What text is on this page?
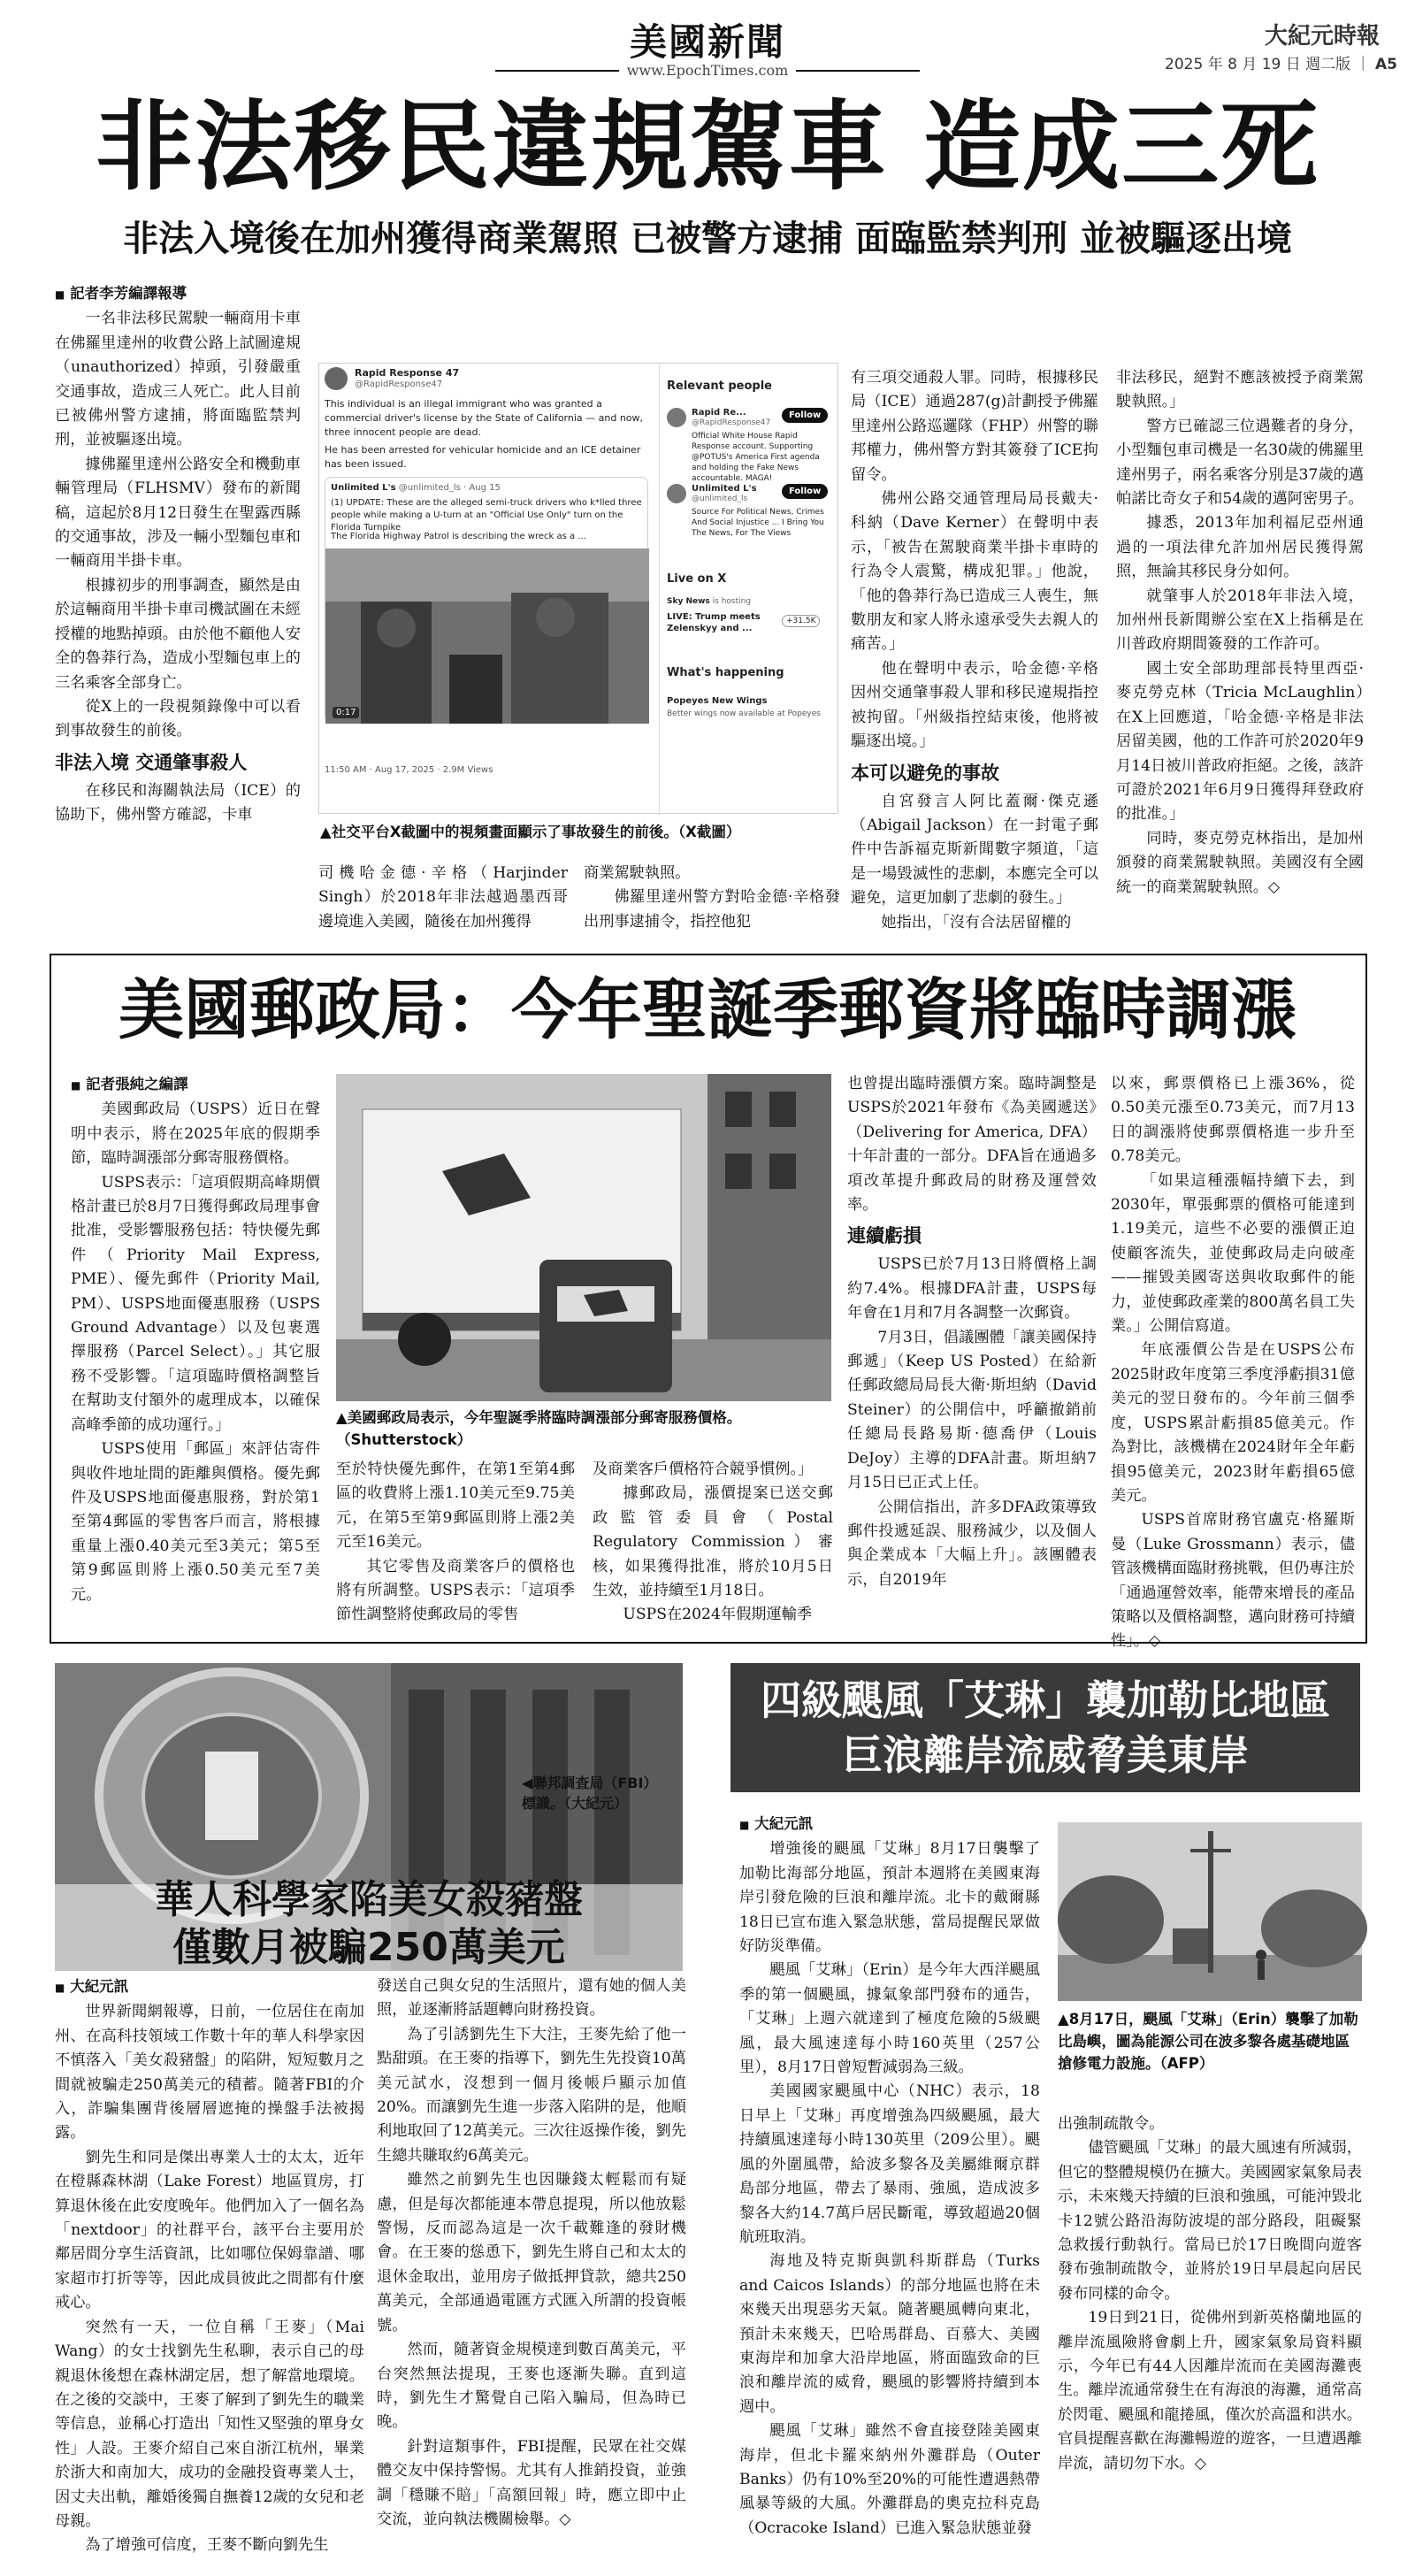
美國新聞
www.EpochTimes.com
大紀元時報
2025 年 8 月 19 日 週二版 ｜ A5
非法移民違規駕車 造成三死
非法入境後在加州獲得商業駕照 已被警方逮捕 面臨監禁判刑 並被驅逐出境
■ 記者李芳編譯報導

一名非法移民駕駛一輛商用卡車在佛羅里達州的收費公路上試圖違規（unauthorized）掉頭，引發嚴重交通事故，造成三人死亡。此人目前已被佛州警方逮捕，將面臨監禁判刑，並被驅逐出境。

據佛羅里達州公路安全和機動車輛管理局（FLHSMV）發布的新聞稿，這起於8月12日發生在聖露西縣的交通事故，涉及一輛小型麵包車和一輛商用半掛卡車。

根據初步的刑事調查，顯然是由於這輛商用半掛卡車司機試圖在未經授權的地點掉頭。由於他不顧他人安全的魯莽行為，造成小型麵包車上的三名乘客全部身亡。

從X上的一段視頻錄像中可以看到事故發生的前後。

非法入境 交通肇事殺人

在移民和海關執法局（ICE）的協助下，佛州警方確認，卡車

Rapid Response 47
@RapidResponse47
This individual is an illegal immigrant who was granted a commercial driver's license by the State of California — and now, three innocent people are dead.
He has been arrested for vehicular homicide and an ICE detainer has been issued.
Unlimited L's @unlimited_ls · Aug 15
(1) UPDATE: These are the alleged semi-truck drivers who k*lled three people while making a U-turn at an "Official Use Only" turn on the Florida Turnpike
The Florida Highway Patrol is describing the wreck as a ...
0:17
11:50 AM · Aug 17, 2025 · 2.9M Views
Relevant people
Rapid Re...
@RapidResponse47
Follow
Official White House Rapid Response account. Supporting @POTUS's America First agenda and holding the Fake News accountable. MAGA!
Unlimited L's
@unlimited_ls
Follow
Source For Political News, Crimes And Social Injustice ... I Bring You The News, For The Views
Live on X
Sky News is hosting
LIVE: Trump meets Zelenskyy and ...
+31.5K
What's happening
Popeyes New Wings
Better wings now available at Popeyes
▲社交平台X截圖中的視頻畫面顯示了事故發生的前後。（X截圖）

司機哈金德·辛格（Harjinder Singh）於2018年非法越過墨西哥邊境進入美國，隨後在加州獲得

商業駕駛執照。

佛羅里達州警方對哈金德·辛格發出刑事逮捕令，指控他犯

有三項交通殺人罪。同時，根據移民局（ICE）通過287(g)計劃授予佛羅里達州公路巡邏隊（FHP）州警的聯邦權力，佛州警方對其簽發了ICE拘留令。

佛州公路交通管理局局長戴夫·科納（Dave Kerner）在聲明中表示，「被告在駕駛商業半掛卡車時的行為令人震驚，構成犯罪。」他說，「他的魯莽行為已造成三人喪生，無數朋友和家人將永遠承受失去親人的痛苦。」

他在聲明中表示，哈金德·辛格因州交通肇事殺人罪和移民違規指控被拘留。「州級指控結束後，他將被驅逐出境。」

本可以避免的事故

自宮發言人阿比蓋爾·傑克遜（Abigail Jackson）在一封電子郵件中告訴福克斯新聞數字頻道，「這是一場毀滅性的悲劇，本應完全可以避免，這更加劇了悲劇的發生。」

她指出，「沒有合法居留權的

非法移民，絕對不應該被授予商業駕駛執照。」

警方已確認三位遇難者的身分，小型麵包車司機是一名30歲的佛羅里達州男子，兩名乘客分別是37歲的邁帕諾比奇女子和54歲的邁阿密男子。

據悉，2013年加利福尼亞州通過的一項法律允許加州居民獲得駕照，無論其移民身分如何。

就肇事人於2018年非法入境，加州州長新聞辦公室在X上指稱是在川普政府期間簽發的工作許可。

國土安全部助理部長特里西亞·麥克勞克林（Tricia McLaughlin）在X上回應道，「哈金德·辛格是非法居留美國，他的工作許可於2020年9月14日被川普政府拒絕。之後，該許可證於2021年6月9日獲得拜登政府的批准。」

同時，麥克勞克林指出，是加州頒發的商業駕駛執照。美國沒有全國統一的商業駕駛執照。◇

美國郵政局：今年聖誕季郵資將臨時調漲
■ 記者張純之編譯

美國郵政局（USPS）近日在聲明中表示，將在2025年底的假期季節，臨時調漲部分郵寄服務價格。

USPS表示：「這項假期高峰期價格計畫已於8月7日獲得郵政局理事會批准，受影響服務包括：特快優先郵件（Priority Mail Express, PME）、優先郵件（Priority Mail, PM）、USPS地面優惠服務（USPS Ground Advantage）以及包裹選擇服務（Parcel Select）。」其它服務不受影響。「這項臨時價格調整旨在幫助支付額外的處理成本，以確保高峰季節的成功運行。」

USPS使用「郵區」來評估寄件與收件地址間的距離與價格。優先郵件及USPS地面優惠服務，對於第1至第4郵區的零售客戶而言，將根據重量上漲0.40美元至3美元；第5至第9郵區則將上漲0.50美元至7美元。

▲美國郵政局表示，今年聖誕季將臨時調漲部分郵寄服務價格。（Shutterstock）

至於特快優先郵件，在第1至第4郵區的收費將上漲1.10美元至9.75美元，在第5至第9郵區則將上漲2美元至16美元。

其它零售及商業客戶的價格也將有所調整。USPS表示：「這項季節性調整將使郵政局的零售

及商業客戶價格符合競爭慣例。」

據郵政局，漲價提案已送交郵政監管委員會（Postal Regulatory Commission）審核，如果獲得批准，將於10月5日生效，並持續至1月18日。

USPS在2024年假期運輸季

也曾提出臨時漲價方案。臨時調整是USPS於2021年發布《為美國遞送》（Delivering for America, DFA）十年計畫的一部分。DFA旨在通過多項改革提升郵政局的財務及運營效率。

連續虧損

USPS已於7月13日將價格上調約7.4%。根據DFA計畫，USPS每年會在1月和7月各調整一次郵資。

7月3日，倡議團體「讓美國保持郵遞」（Keep US Posted）在給新任郵政總局局長大衛·斯坦納（David Steiner）的公開信中，呼籲撤銷前任總局長路易斯·德喬伊（Louis DeJoy）主導的DFA計畫。斯坦納7月15日已正式上任。

公開信指出，許多DFA政策導致郵件投遞延誤、服務減少，以及個人與企業成本「大幅上升」。該團體表示，自2019年

以來，郵票價格已上漲36%，從0.50美元漲至0.73美元，而7月13日的調漲將使郵票價格進一步升至0.78美元。

「如果這種漲幅持續下去，到2030年，單張郵票的價格可能達到1.19美元，這些不必要的漲價正迫使顧客流失，並使郵政局走向破產——摧毀美國寄送與收取郵件的能力，並使郵政產業的800萬名員工失業。」公開信寫道。

年底漲價公告是在USPS公布2025財政年度第三季度淨虧損31億美元的翌日發布的。今年前三個季度，USPS累計虧損85億美元。作為對比，該機構在2024財年全年虧損95億美元，2023財年虧損65億美元。

USPS首席財務官盧克·格羅斯曼（Luke Grossmann）表示，儘管該機構面臨財務挑戰，但仍專注於「通過運營效率，能帶來增長的產品策略以及價格調整，邁向財務可持續性」。◇

◀聯邦調查局（FBI）標識。（大紀元）
華人科學家陷美女殺豬盤
僅數月被騙250萬美元
■ 大紀元訊

世界新聞網報導，日前，一位居住在南加州、在高科技領域工作數十年的華人科學家因不慎落入「美女殺豬盤」的陷阱，短短數月之間就被騙走250萬美元的積蓄。隨著FBI的介入，詐騙集團背後層層遮掩的操盤手法被揭露。

劉先生和同是傑出專業人士的太太，近年在橙縣森林湖（Lake Forest）地區買房，打算退休後在此安度晚年。他們加入了一個名為「nextdoor」的社群平台，該平台主要用於鄰居間分享生活資訊，比如哪位保姆靠譜、哪家超市打折等等，因此成員彼此之間都有什麼戒心。

突然有一天，一位自稱「王麥」（Mai Wang）的女士找劉先生私聊，表示自己的母親退休後想在森林湖定居，想了解當地環境。在之後的交談中，王麥了解到了劉先生的職業等信息，並稱心打造出「知性又堅強的單身女性」人設。王麥介紹自己來自浙江杭州，畢業於浙大和南加大，成功的金融投資專業人士，因丈夫出軌，離婚後獨自撫養12歲的女兒和老母親。

為了增強可信度，王麥不斷向劉先生

發送自己與女兒的生活照片，還有她的個人美照，並逐漸將話題轉向財務投資。

為了引誘劉先生下大注，王麥先給了他一點甜頭。在王麥的指導下，劉先生先投資10萬美元試水，沒想到一個月後帳戶顯示加值20%。而讓劉先生進一步落入陷阱的是，他順利地取回了12萬美元。三次往返操作後，劉先生總共賺取約6萬美元。

雖然之前劉先生也因賺錢太輕鬆而有疑慮，但是每次都能連本帶息提現，所以他放鬆警惕，反而認為這是一次千載難逢的發財機會。在王麥的慫恿下，劉先生將自己和太太的退休金取出，並用房子做抵押貸款，總共250萬美元，全部通過電匯方式匯入所謂的投資帳號。

然而，隨著資金規模達到數百萬美元，平台突然無法提現，王麥也逐漸失聯。直到這時，劉先生才驚覺自己陷入騙局，但為時已晚。

針對這類事件，FBI提醒，民眾在社交媒體交友中保持警惕。尤其有人推銷投資，並強調「穩賺不賠」「高額回報」時，應立即中止交流，並向執法機關檢舉。◇

四級颶風「艾琳」襲加勒比地區
巨浪離岸流威脅美東岸
■ 大紀元訊

增強後的颶風「艾琳」8月17日襲擊了加勒比海部分地區，預計本週將在美國東海岸引發危險的巨浪和離岸流。北卡的戴爾縣18日已宣布進入緊急狀態，當局提醒民眾做好防災準備。

颶風「艾琳」（Erin）是今年大西洋颶風季的第一個颶風，據氣象部門發布的通告，「艾琳」上週六就達到了極度危險的5級颶風，最大風速達每小時160英里（257公里），8月17日曾短暫減弱為三級。

美國國家颶風中心（NHC）表示，18日早上「艾琳」再度增強為四級颶風，最大持續風速達每小時130英里（209公里）。颶風的外圍風帶，給波多黎各及美屬維爾京群島部分地區，帶去了暴雨、強風，造成波多黎各大約14.7萬戶居民斷電，導致超過20個航班取消。

海地及特克斯與凱科斯群島（Turks and Caicos Islands）的部分地區也將在未來幾天出現惡劣天氣。隨著颶風轉向東北，預計未來幾天，巴哈馬群島、百慕大、美國東海岸和加拿大沿岸地區，將面臨致命的巨浪和離岸流的威脅，颶風的影響將持續到本週中。

颶風「艾琳」雖然不會直接登陸美國東海岸，但北卡羅來納州外灘群島（Outer Banks）仍有10%至20%的可能性遭遇熱帶風暴等級的大風。外灘群島的奧克拉科克島（Ocracoke Island）已進入緊急狀態並發

▲8月17日，颶風「艾琳」（Erin）襲擊了加勒比島嶼，圖為能源公司在波多黎各處基礎地區搶修電力設施。（AFP）

出強制疏散令。

儘管颶風「艾琳」的最大風速有所減弱，但它的整體規模仍在擴大。美國國家氣象局表示，未來幾天持續的巨浪和強風，可能沖毀北卡12號公路沿海防波堤的部分路段，阻礙緊急救援行動執行。當局已於17日晚間向遊客發布強制疏散令，並將於19日早晨起向居民發布同樣的命令。

19日到21日，從佛州到新英格蘭地區的離岸流風險將會劇上升，國家氣象局資料顯示，今年已有44人因離岸流而在美國海灘喪生。離岸流通常發生在有海浪的海灘，通常高於閃電、颶風和龍捲風，僅次於高溫和洪水。官員提醒喜歡在海灘暢遊的遊客，一旦遭遇離岸流，請切勿下水。◇
